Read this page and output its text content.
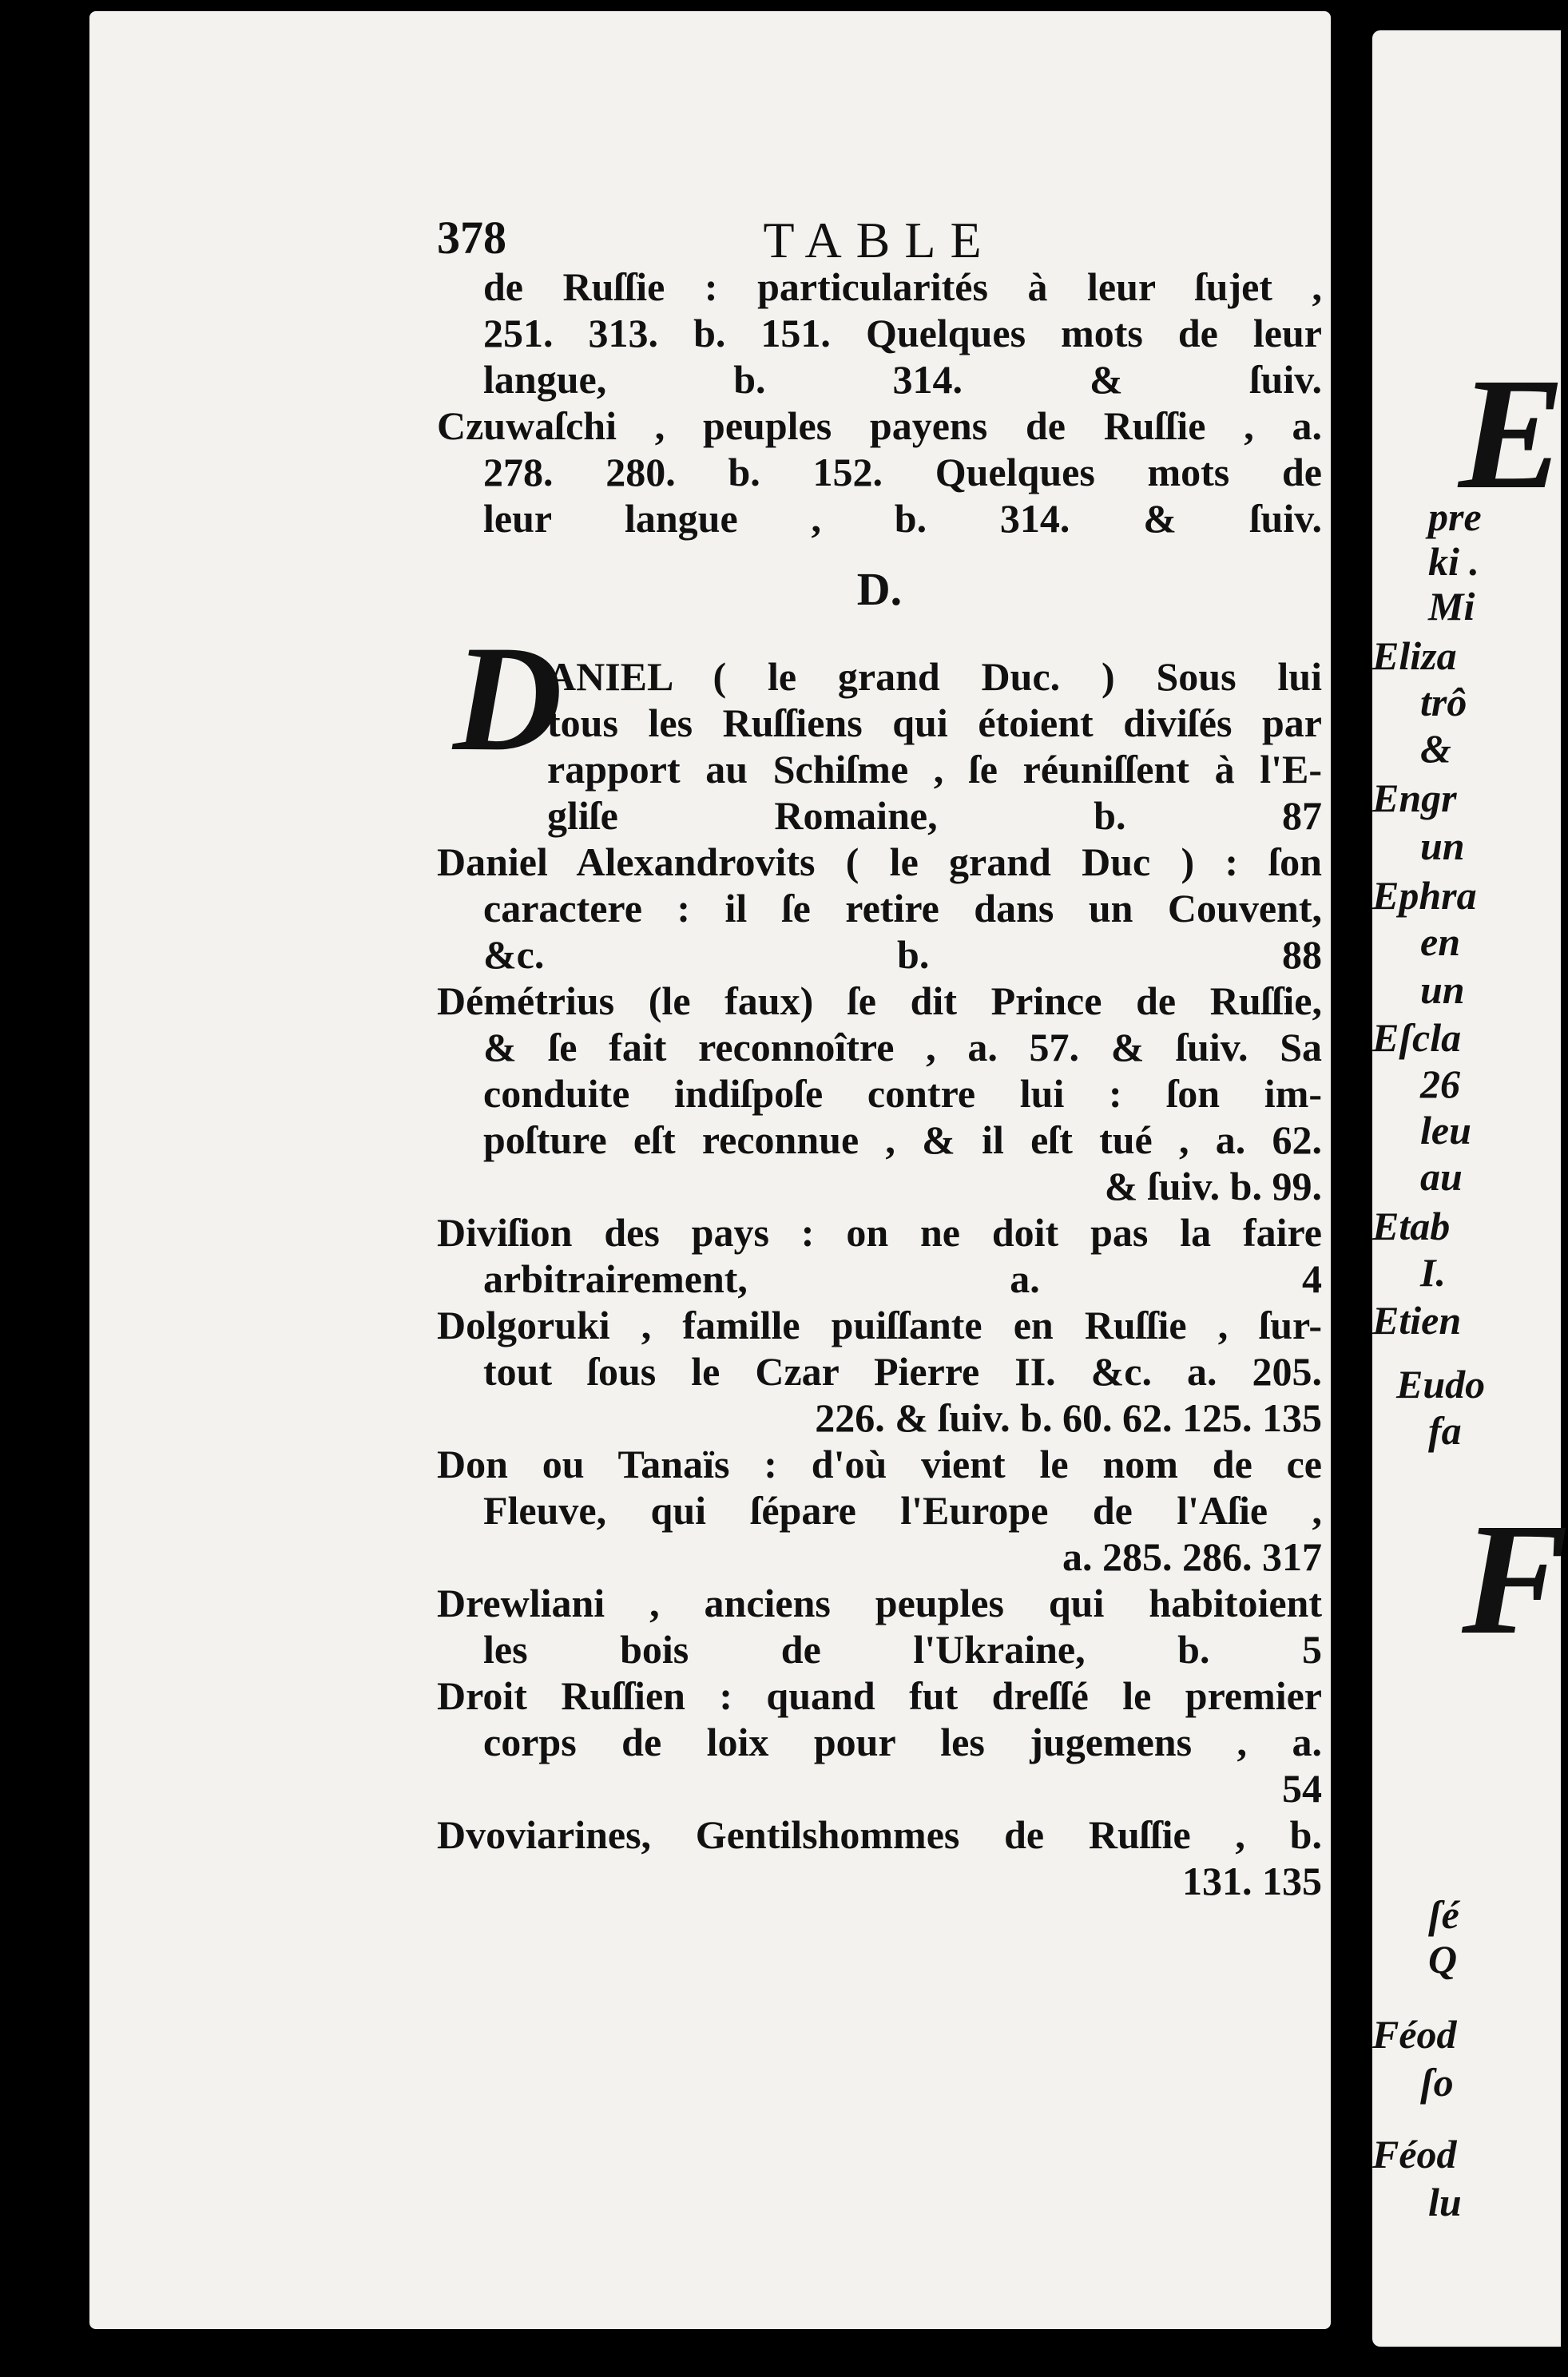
378	TABLE
de Ruſſie : particularités à leur ſujet ,
251. 313. b. 151. Quelques mots de leur
langue, b. 314. & ſuiv.
Czuwaſchi , peuples payens de Ruſſie , a.
278. 280. b. 152. Quelques mots de
leur langue , b. 314. & ſuiv.
D.
D
ANIEL ( le grand Duc. ) Sous lui
tous les Ruſſiens qui étoient diviſés par
rapport au Schiſme , ſe réuniſſent à l'E-
gliſe Romaine, b. 87
Daniel Alexandrovits ( le grand Duc ) : ſon
caractere : il ſe retire dans un Couvent,
&c. b. 88
Démétrius (le faux) ſe dit Prince de Ruſſie,
& ſe fait reconnoître , a. 57. & ſuiv. Sa
conduite indiſpoſe contre lui : ſon im-
poſture eſt reconnue , & il eſt tué , a. 62.
& ſuiv. b. 99.
Diviſion des pays : on ne doit pas la faire
arbitrairement, a. 4
Dolgoruki , famille puiſſante en Ruſſie , ſur-
tout ſous le Czar Pierre II. &c. a. 205.
226. & ſuiv. b. 60. 62. 125. 135
Don ou Tanaïs : d'où vient le nom de ce
Fleuve, qui ſépare l'Europe de l'Aſie ,
a. 285. 286. 317
Drewliani , anciens peuples qui habitoient
les bois de l'Ukraine, b. 5
Droit Ruſſien : quand fut dreſſé le premier
corps de loix pour les jugemens , a.
54
Dvoviarines, Gentilshommes de Ruſſie , b.
131. 135
E
F
pre
ki .
Mi
Eliza
trô
&
Engr
un
Ephra
en
un
Eſcla
26
leu
au
Etab
I.
Etien
Eudo
fa
ſé
Q
Féod
ſo
Féod
lu
